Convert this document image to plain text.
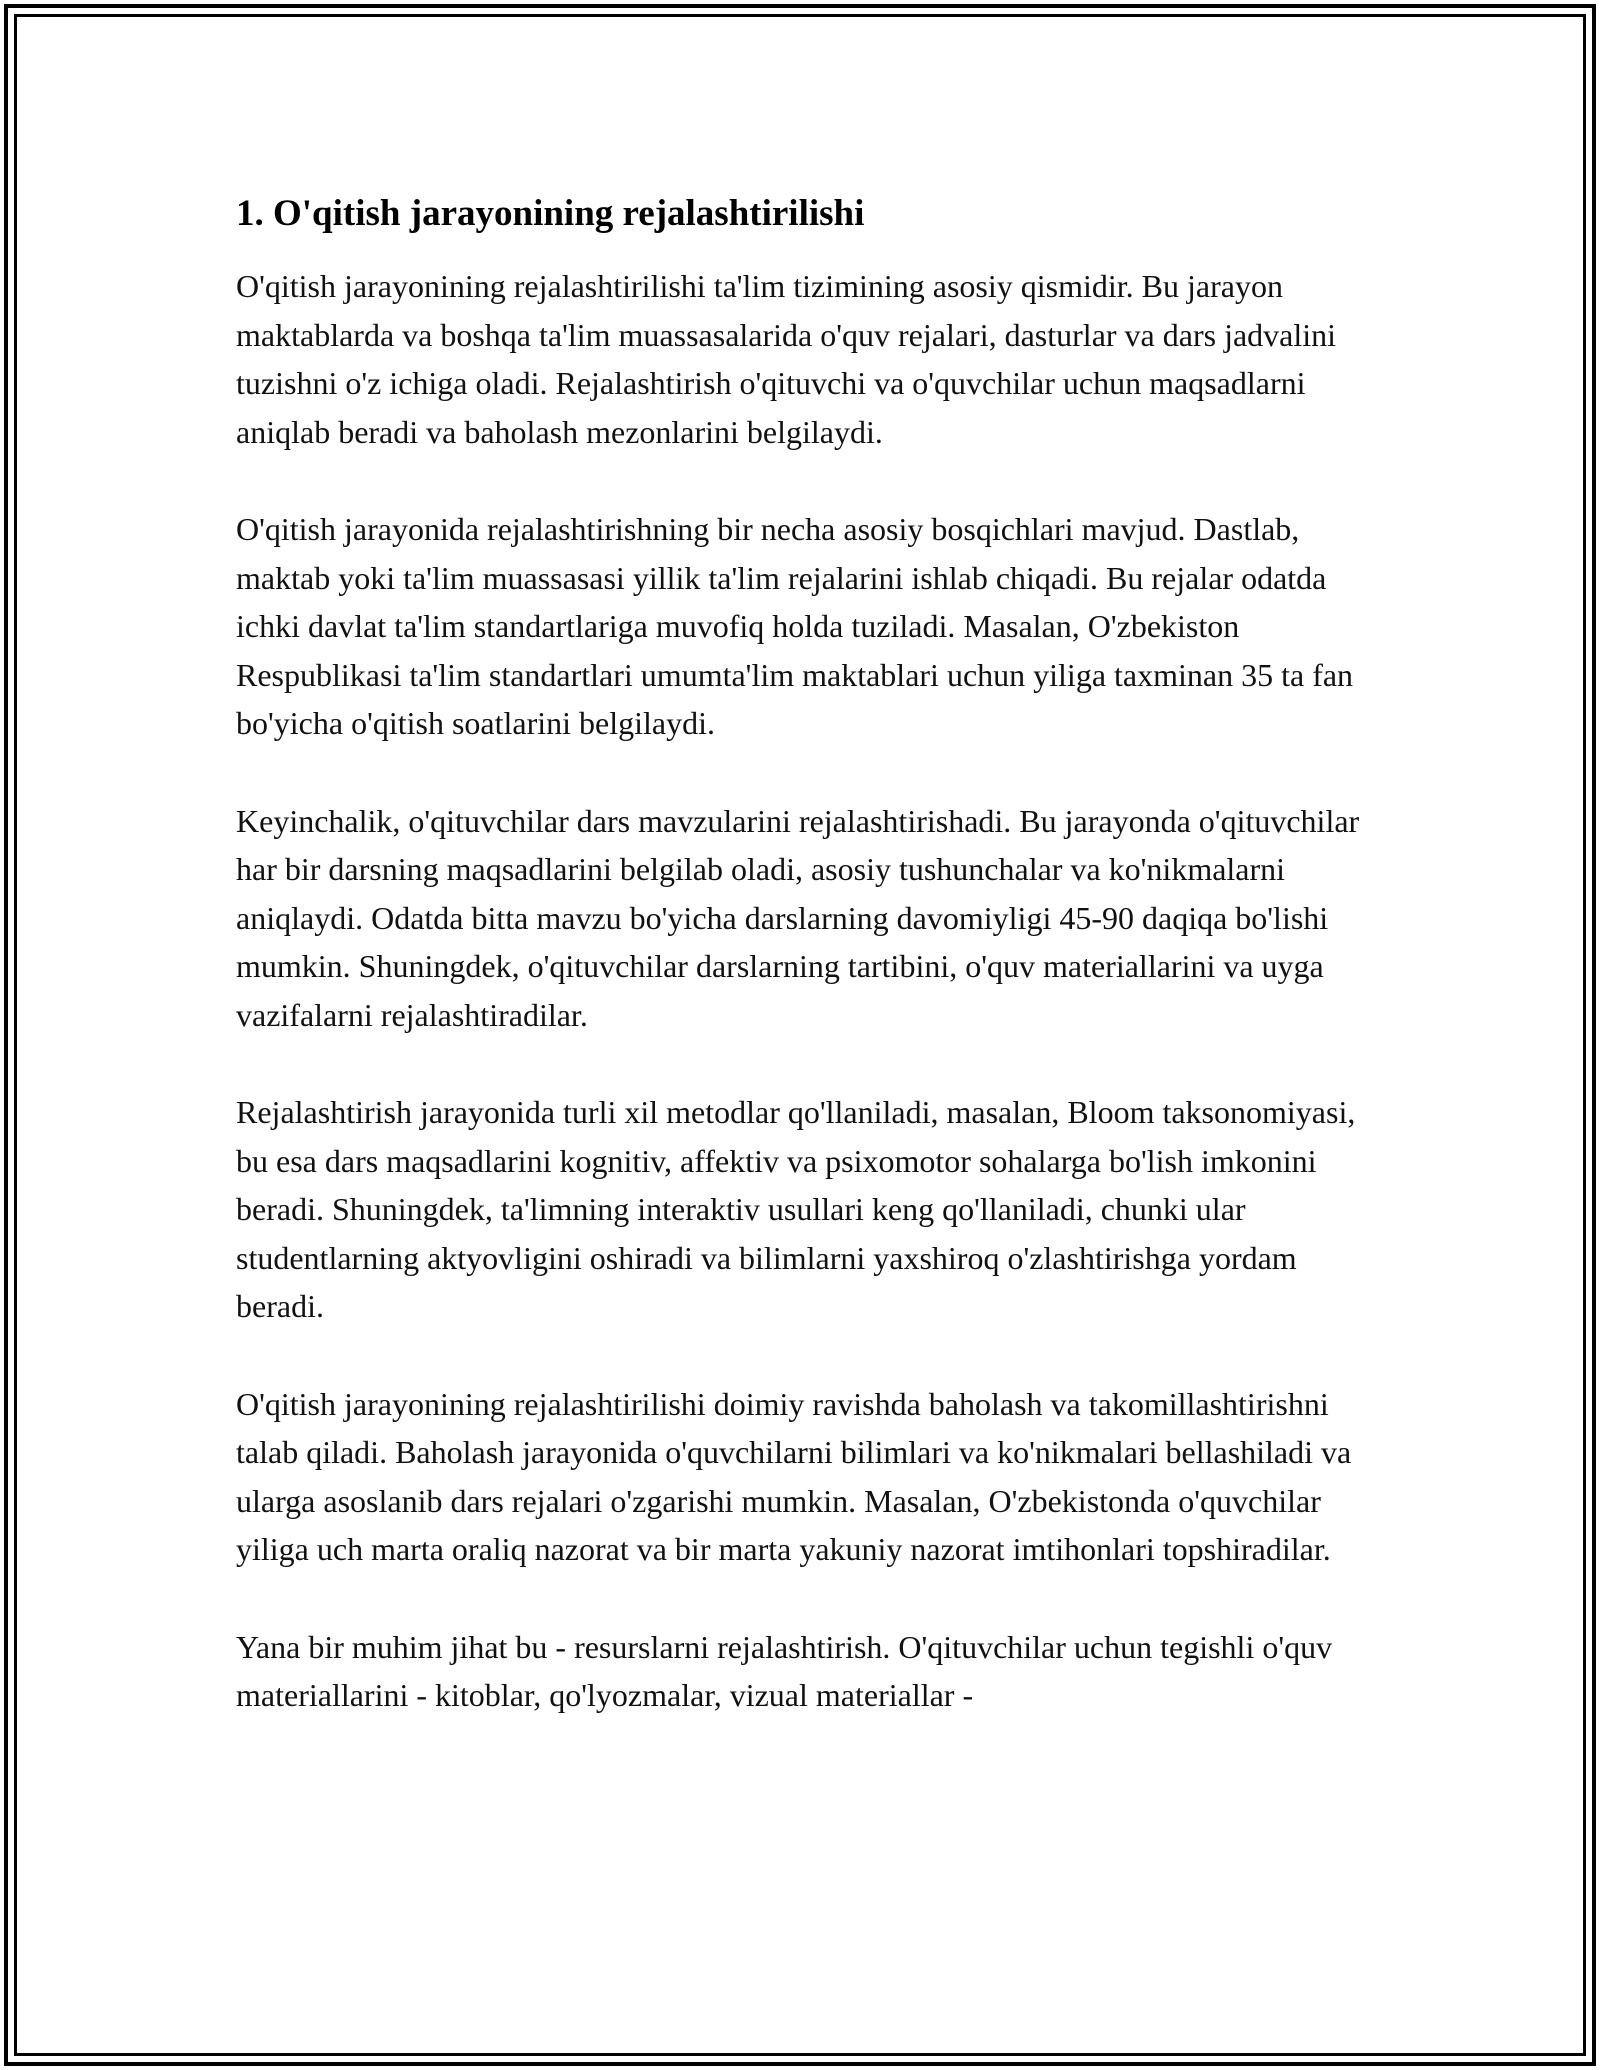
1. O'qitish jarayonining rejalashtirilishi

O'qitish jarayonining rejalashtirilishi ta'lim tizimining asosiy qismidir. Bu jarayon maktablarda va boshqa ta'lim muassasalarida o'quv rejalari, dasturlar va dars jadvalini tuzishni o'z ichiga oladi. Rejalashtirish o'qituvchi va o'quvchilar uchun maqsadlarni aniqlab beradi va baholash mezonlarini belgilaydi.

O'qitish jarayonida rejalashtirishning bir necha asosiy bosqichlari mavjud. Dastlab, maktab yoki ta'lim muassasasi yillik ta'lim rejalarini ishlab chiqadi. Bu rejalar odatda ichki davlat ta'lim standartlariga muvofiq holda tuziladi. Masalan, O'zbekiston Respublikasi ta'lim standartlari umumta'lim maktablari uchun yiliga taxminan 35 ta fan bo'yicha o'qitish soatlarini belgilaydi.

Keyinchalik, o'qituvchilar dars mavzularini rejalashtirishadi. Bu jarayonda o'qituvchilar har bir darsning maqsadlarini belgilab oladi, asosiy tushunchalar va ko'nikmalarni aniqlaydi. Odatda bitta mavzu bo'yicha darslarning davomiyligi 45-90 daqiqa bo'lishi mumkin. Shuningdek, o'qituvchilar darslarning tartibini, o'quv materiallarini va uyga vazifalarni rejalashtiradilar.

Rejalashtirish jarayonida turli xil metodlar qo'llaniladi, masalan, Bloom taksonomiyasi, bu esa dars maqsadlarini kognitiv, affektiv va psixomotor sohalarga bo'lish imkonini beradi. Shuningdek, ta'limning interaktiv usullari keng qo'llaniladi, chunki ular studentlarning aktyovligini oshiradi va bilimlarni yaxshiroq o'zlashtirishga yordam beradi.

O'qitish jarayonining rejalashtirilishi doimiy ravishda baholash va takomillashtirishni talab qiladi. Baholash jarayonida o'quvchilarni bilimlari va ko'nikmalari bellashiladi va ularga asoslanib dars rejalari o'zgarishi mumkin. Masalan, O'zbekistonda o'quvchilar yiliga uch marta oraliq nazorat va bir marta yakuniy nazorat imtihonlari topshiradilar.

Yana bir muhim jihat bu - resurslarni rejalashtirish. O'qituvchilar uchun tegishli o'quv materiallarini - kitoblar, qo'lyozmalar, vizual materiallar -
